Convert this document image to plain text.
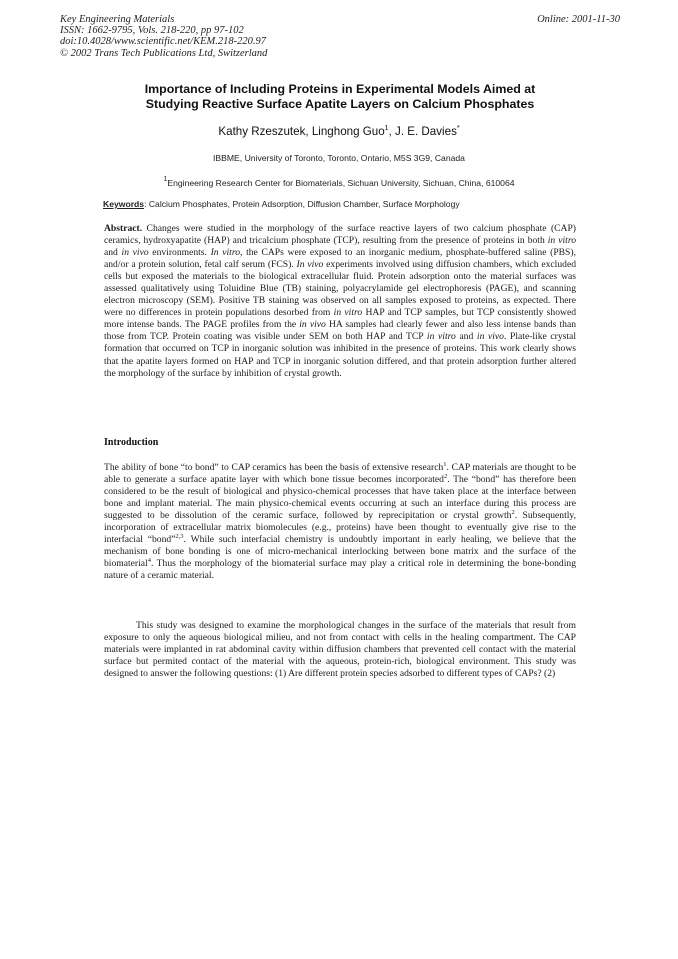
Key Engineering Materials
ISSN: 1662-9795, Vols. 218-220, pp 97-102
doi:10.4028/www.scientific.net/KEM.218-220.97
© 2002 Trans Tech Publications Ltd, Switzerland
Online: 2001-11-30
Importance of Including Proteins in Experimental Models Aimed at
Studying Reactive Surface Apatite Layers on Calcium Phosphates
Kathy Rzeszutek, Linghong Guo$^1$, J. E. Davies*
IBBME, University of Toronto, Toronto, Ontario, M5S 3G9, Canada
$^1$Engineering Research Center for Biomaterials, Sichuan University, Sichuan, China, 610064
Keywords: Calcium Phosphates, Protein Adsorption, Diffusion Chamber, Surface Morphology

Abstract. Changes were studied in the morphology of the surface reactive layers of two calcium phosphate (CAP) ceramics, hydroxyapatite (HAP) and tricalcium phosphate (TCP), resulting from the presence of proteins in both in vitro and in vivo environments. In vitro, the CAPs were exposed to an inorganic medium, phosphate-buffered saline (PBS), and/or a protein solution, fetal calf serum (FCS). In vivo experiments involved using diffusion chambers, which excluded cells but exposed the materials to the biological extracellular fluid. Protein adsorption onto the material surfaces was assessed qualitatively using Toluidine Blue (TB) staining, polyacrylamide gel electrophoresis (PAGE), and scanning electron microscopy (SEM). Positive TB staining was observed on all samples exposed to proteins, as expected. There were no differences in protein populations desorbed from in vitro HAP and TCP samples, but TCP consistently showed more intense bands. The PAGE profiles from the in vivo HA samples had clearly fewer and also less intense bands than those from TCP. Protein coating was visible under SEM on both HAP and TCP in vitro and in vivo. Plate-like crystal formation that occurred on TCP in inorganic solution was inhibited in the presence of proteins. This work clearly shows that the apatite layers formed on HAP and TCP in inorganic solution differed, and that protein adsorption further altered the morphology of the surface by inhibition of crystal growth.

Introduction

The ability of bone “to bond” to CAP ceramics has been the basis of extensive research$^1$. CAP materials are thought to be able to generate a surface apatite layer with which bone tissue becomes incorporated$^2$. The “bond” has therefore been considered to be the result of biological and physico-chemical processes that have taken place at the interface between bone and implant material. The main physico-chemical events occurring at such an interface during this process are suggested to be dissolution of the ceramic surface, followed by reprecipitation or crystal growth$^2$. Subsequently, incorporation of extracellular matrix biomolecules (e.g., proteins) have been thought to eventually give rise to the interfacial “bond”$^{2,3}$. While such interfacial chemistry is undoubtly important in early healing, we believe that the mechanism of bone bonding is one of micro-mechanical interlocking between bone matrix and the surface of the biomaterial$^4$. Thus the morphology of the biomaterial surface may play a critical role in determining the bone-bonding nature of a ceramic material.

This study was designed to examine the morphological changes in the surface of the materials that result from exposure to only the aqueous biological milieu, and not from contact with cells in the healing compartment. The CAP materials were implanted in rat abdominal cavity within diffusion chambers that prevented cell contact with the material surface but permited contact of the material with the aqueous, protein-rich, biological environment. This study was designed to answer the following questions: (1) Are different protein species adsorbed to different types of CAPs? (2)
